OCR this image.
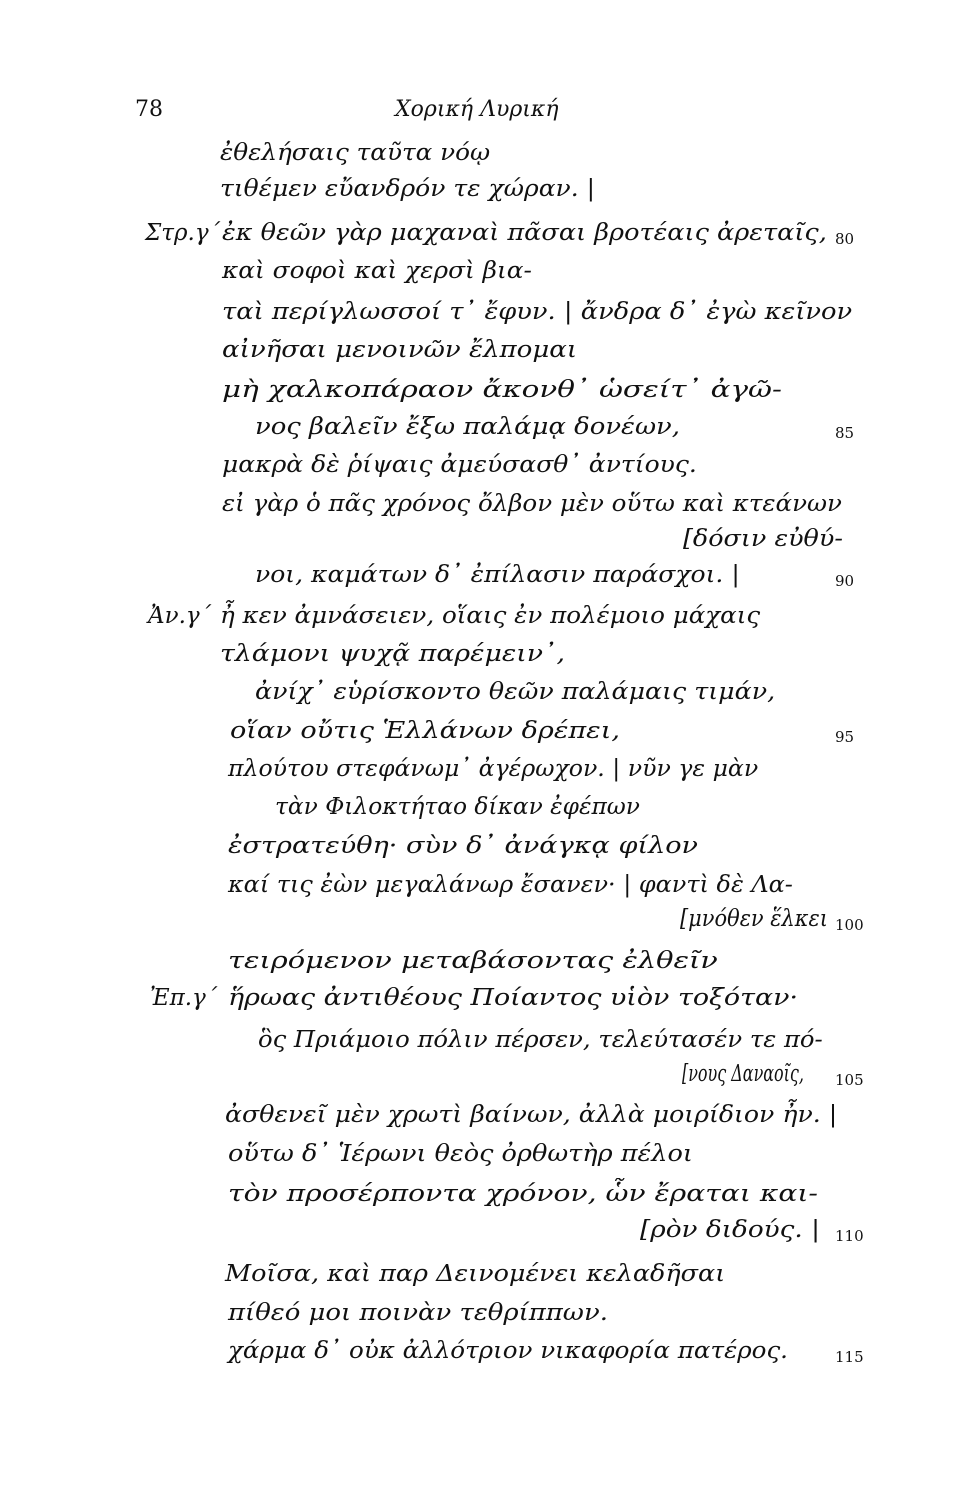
78	Χορική Λυρική
ἐθελήσαις ταῦτα νόῳ
τιθέμεν εὔανδρόν τε χώραν. |
Στρ.γ΄ ἐκ θεῶν γὰρ μαχαναὶ πᾶσαι βροτέαις ἀρεταῖς, 80
καὶ σοφοὶ καὶ χερσὶ βια-
ταὶ περίγλωσσοί τ᾽ ἔφυν. | ἄνδρα δ᾽ ἐγὼ κεῖνον
αἰνῆσαι μενοινῶν ἔλπομαι
μὴ χαλκοπάραον ἄκονθ᾽ ὡσείτ᾽ ἀγῶ-
νος βαλεῖν ἔξω παλάμᾳ δονέων,	85
μακρὰ δὲ ῥίψαις ἀμεύσασθ᾽ ἀντίους.
εἰ γὰρ ὁ πᾶς χρόνος ὄλβον μὲν οὕτω καὶ κτεάνων
[δόσιν εὐθύ-
νοι, καμάτων δ᾽ ἐπίλασιν παράσχοι. |	90
Ἀν.γ΄ ἦ κεν ἀμνάσειεν, οἵαις ἐν πολέμοιο μάχαις
τλάμονι ψυχᾷ παρέμειν᾽,
ἀνίχ᾽ εὑρίσκοντο θεῶν παλάμαις τιμάν,
οἵαν οὔτις Ἑλλάνων δρέπει,	95
πλούτου στεφάνωμ᾽ ἀγέρωχον. | νῦν γε μὰν
τὰν Φιλοκτήταο δίκαν ἐφέπων
ἐστρατεύθη· σὺν δ᾽ ἀνάγκᾳ φίλον
καί τις ἐὼν μεγαλάνωρ ἔσανεν· | φαντὶ δὲ Λα-
[μνόθεν ἕλκει 100
τειρόμενον μεταβάσοντας ἐλθεῖν
Ἐπ.γ΄ ἥρωας ἀντιθέους Ποίαντος υἱὸν τοξόταν·
ὃς Πριάμοιο πόλιν πέρσεν, τελεύτασέν τε πό-
[νους Δαναοῖς, 105
ἀσθενεῖ μὲν χρωτὶ βαίνων, ἀλλὰ μοιρίδιον ἦν. |
οὕτω δ᾽ Ἱέρωνι θεὸς ὀρθωτὴρ πέλοι
τὸν προσέρποντα χρόνον, ὧν ἔραται και-
[ρὸν διδούς. | 110
Μοῖσα, καὶ παρ Δεινομένει κελαδῆσαι
πίθεό μοι ποινὰν τεθρίππων.
χάρμα δ᾽ οὐκ ἀλλότριον νικαφορία πατέρος.	115
